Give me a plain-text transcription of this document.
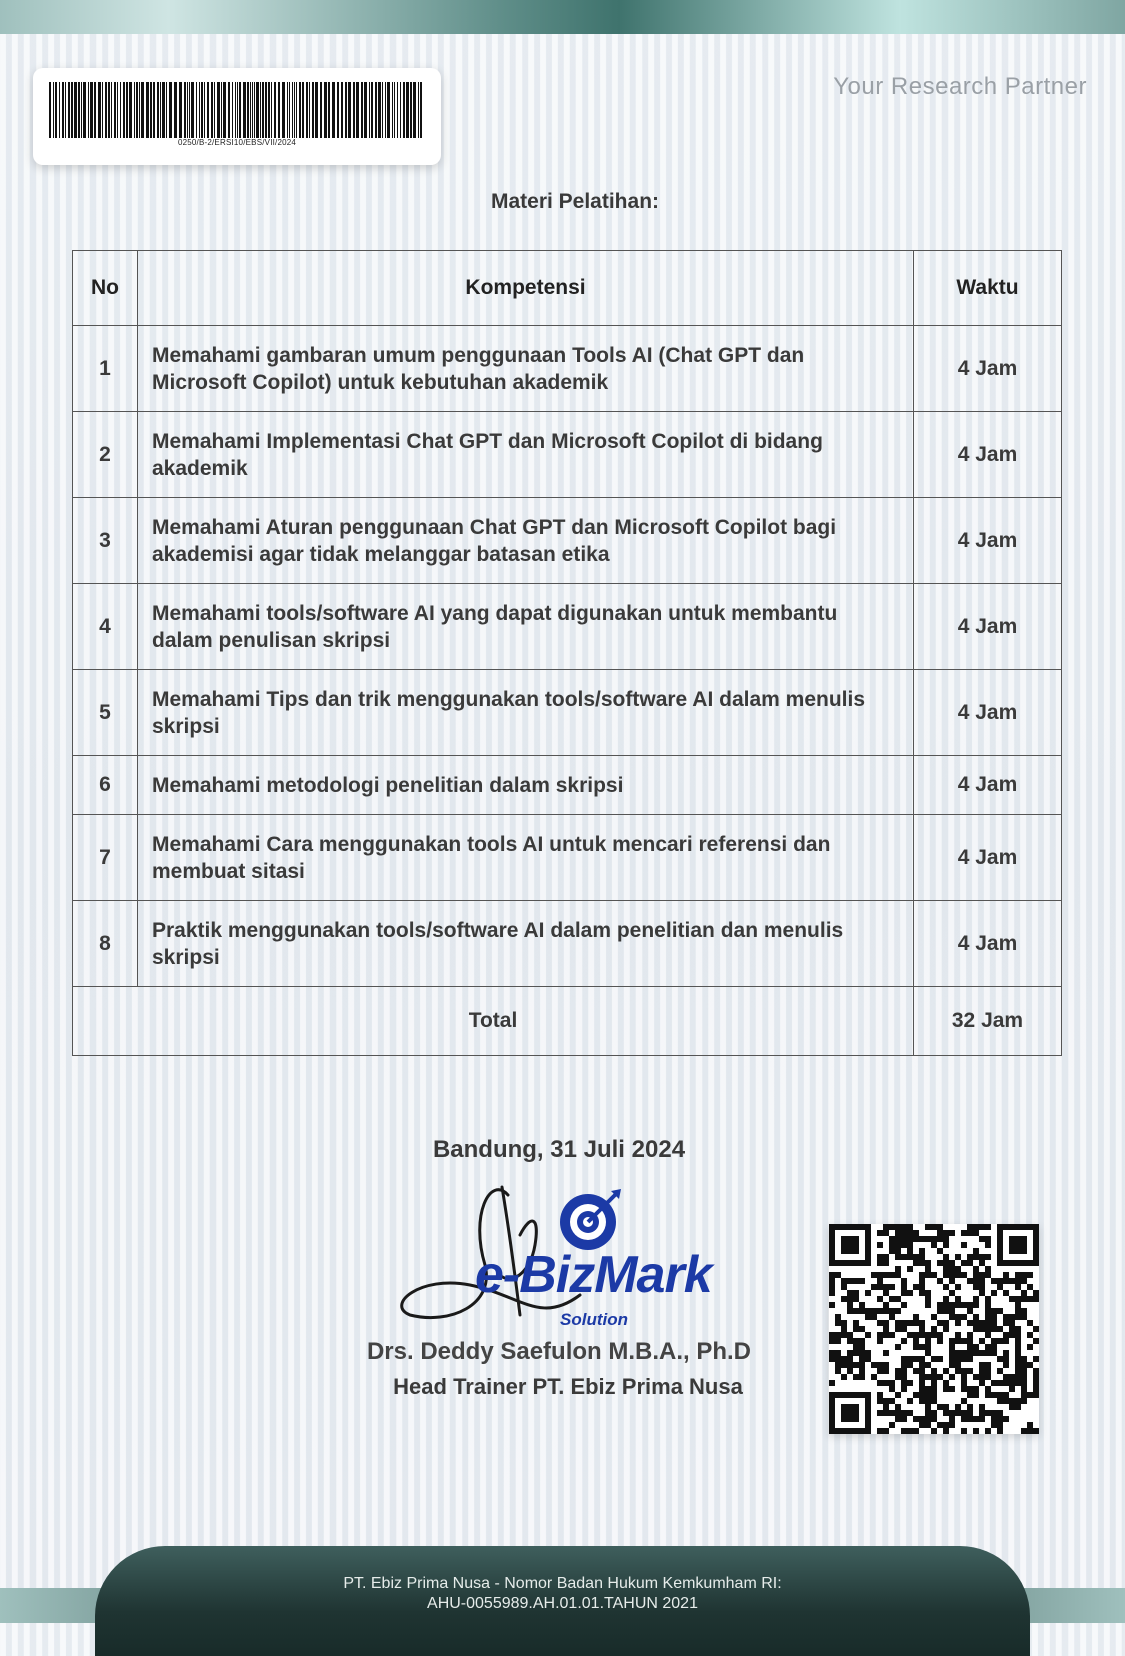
0250/B-2/ERSI10/EBS/VII/2024
Your Research Partner
Materi Pelatihan:
No	Kompetensi	Waktu
1	Memahami gambaran umum penggunaan Tools AI (Chat GPT dan Microsoft Copilot) untuk kebutuhan akademik	4 Jam
2	Memahami Implementasi Chat GPT dan Microsoft Copilot di bidang akademik	4 Jam
3	Memahami Aturan penggunaan Chat GPT dan Microsoft Copilot bagi akademisi agar tidak melanggar batasan etika	4 Jam
4	Memahami tools/software AI yang dapat digunakan untuk membantu dalam penulisan skripsi	4 Jam
5	Memahami Tips dan trik menggunakan tools/software AI dalam menulis skripsi	4 Jam
6	Memahami metodologi penelitian dalam skripsi	4 Jam
7	Memahami Cara menggunakan tools AI untuk mencari referensi dan membuat sitasi	4 Jam
8	Praktik menggunakan tools/software AI dalam penelitian dan menulis skripsi	4 Jam
Total		32 Jam
Bandung, 31 Juli 2024
e-BizMark
Solution
Drs. Deddy Saefulon M.B.A., Ph.D
Head Trainer PT. Ebiz Prima Nusa
PT. Ebiz Prima Nusa - Nomor Badan Hukum Kemkumham RI:
AHU-0055989.AH.01.01.TAHUN 2021
